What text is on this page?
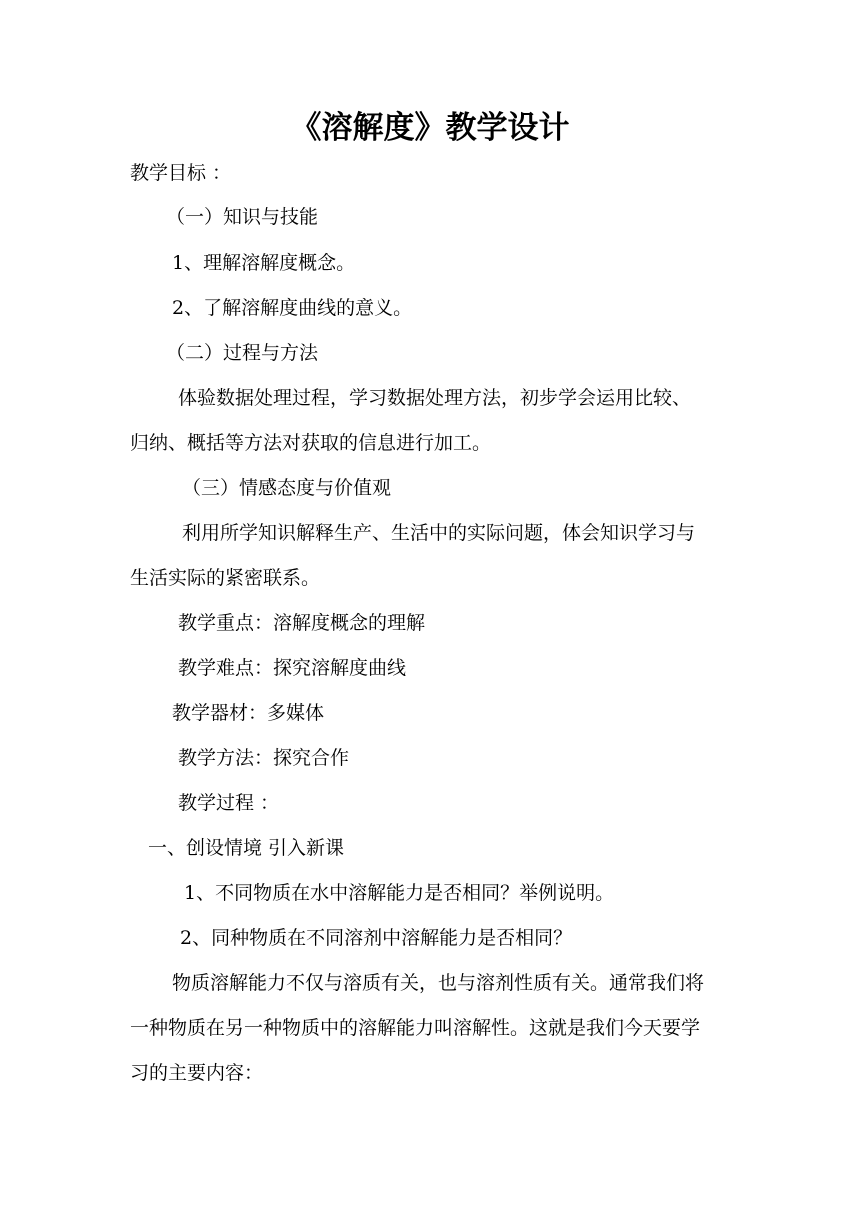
《溶解度》教学设计
教学目标 ：
（一）知识与技能
1、理解溶解度概念。
2、了解溶解度曲线的意义。
（二）过程与方法
体验数据处理过程，学习数据处理方法，初步学会运用比较、
归纳、概括等方法对获取的信息进行加工。
（三）情感态度与价值观
利用所学知识解释生产、生活中的实际问题，体会知识学习与
生活实际的紧密联系。
教学重点：溶解度概念的理解
教学难点：探究溶解度曲线
教学器材：多媒体
教学方法：探究合作
教学过程 ：
一、创设情境 引入新课
1、不同物质在水中溶解能力是否相同？举例说明。
2、同种物质在不同溶剂中溶解能力是否相同？
物质溶解能力不仅与溶质有关，也与溶剂性质有关。通常我们将
一种物质在另一种物质中的溶解能力叫溶解性。这就是我们今天要学
习的主要内容：
